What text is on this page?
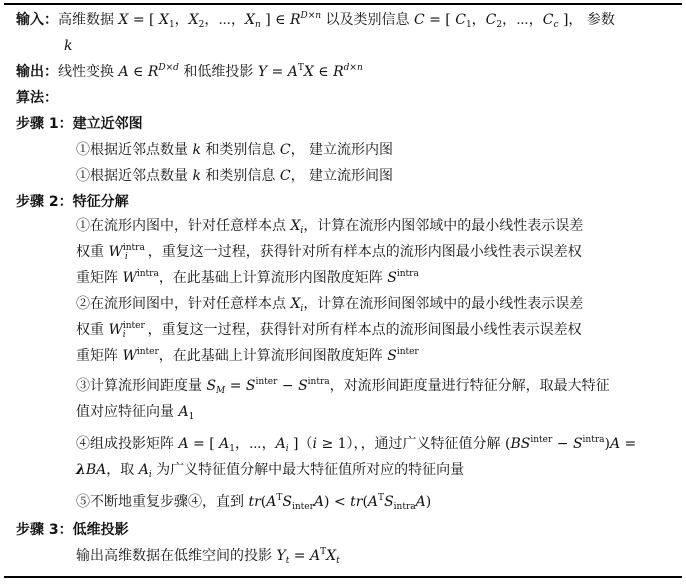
输入：高维数据 X = [ $X_1$，$X_2$，⋯，$X_n$ ] ∈ $R^{D\times n}$ 以及类别信息 C = [ $C_1$，$C_2$，⋯，$C_c$ ]， 参数
k
输出：线性变换 A ∈ $R^{D\times d}$ 和低维投影 $Y = A^TX$ ∈ $R^{d\times n}$
算法：
步骤 1：建立近邻图
①根据近邻点数量 k 和类别信息 C， 建立流形内图
①根据近邻点数量 k 和类别信息 C， 建立流形间图
步骤 2：特征分解
①在流形内图中，针对任意样本点 $X_i$，计算在流形内图邻域中的最小线性表示误差
权重 $W^{intra}_i$ ，重复这一过程，获得针对所有样本点的流形内图最小线性表示误差权
重矩阵 $W^{intra}$，在此基础上计算流形内图散度矩阵 $S^{intra}$
②在流形间图中，针对任意样本点 $X_i$，计算在流形间图邻域中的最小线性表示误差
权重 $W^{inter}_i$ ，重复这一过程，获得针对所有样本点的流形间图最小线性表示误差权
重矩阵 $W^{inter}$，在此基础上计算流形间图散度矩阵 $S^{inter}$
③计算流形间距度量 $S_M = S^{inter} - S^{intra}$，对流形间距度量进行特征分解，取最大特征
值对应特征向量 $A_1$
④组成投影矩阵 A = [ $A_1$，⋯，$A_i$ ]（i ≥ 1），，通过广义特征值分解 $(BS^{inter} - S^{intra})A$ =
λBA，取 $A_i$ 为广义特征值分解中最大特征值所对应的特征向量
⑤不断地重复步骤④，直到 $tr(A^TS_{inter}A) < tr(A^TS_{intra}A)$
步骤 3：低维投影
输出高维数据在低维空间的投影 $Y_t = A^TX_t$
